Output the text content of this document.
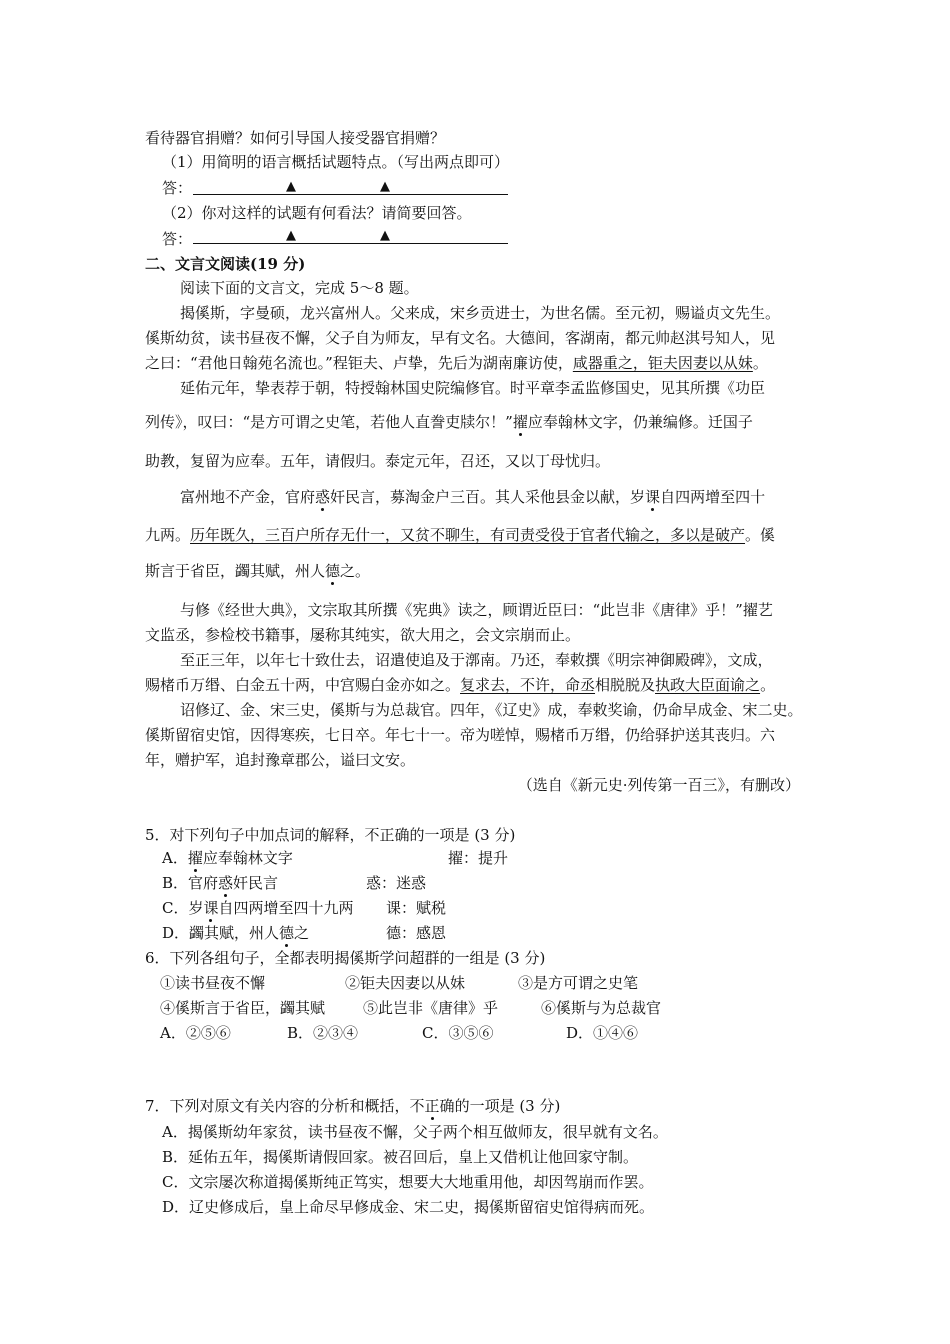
看待器官捐赠？如何引导国人接受器官捐赠？
（1）用简明的语言概括试题特点。（写出两点即可）
答：	▲	▲
（2）你对这样的试题有何看法？请简要回答。
答：	▲	▲
二、文言文阅读(19 分)
阅读下面的文言文，完成 5～8 题。
揭傒斯，字曼硕，龙兴富州人。父来成，宋乡贡进士，为世名儒。至元初，赐谥贞文先生。
傒斯幼贫，读书昼夜不懈，父子自为师友，早有文名。大德间，客湖南，都元帅赵淇号知人，见
之曰：“君他日翰苑名流也。”程钜夫、卢挚，先后为湖南廉访使，咸器重之，钜夫因妻以从妹。
延佑元年，挚表荐于朝，特授翰林国史院编修官。时平章李孟监修国史，见其所撰《功臣
列传》，叹曰：“是方可谓之史笔，若他人直誊吏牍尔！”擢应奉翰林文字，仍兼编修。迁国子
助教，复留为应奉。五年，请假归。泰定元年，召还，又以丁母忧归。
富州地不产金，官府惑奸民言，募淘金户三百。其人采他县金以献，岁课自四两增至四十
九两。历年既久，三百户所存无什一，又贫不聊生，有司责受役于官者代输之，多以是破产。傒
斯言于省臣，蠲其赋，州人德之。
与修《经世大典》，文宗取其所撰《宪典》读之，顾谓近臣曰：“此岂非《唐律》乎！”擢艺
文监丞，参检校书籍事，屡称其纯实，欲大用之，会文宗崩而止。
至正三年，以年七十致仕去，诏遣使追及于漷南。乃还，奉敕撰《明宗神御殿碑》，文成，
赐楮币万缗、白金五十两，中宫赐白金亦如之。复求去，不许，命丞相脱脱及执政大臣面谕之。
诏修辽、金、宋三史，傒斯与为总裁官。四年，《辽史》成，奉敕奖谕，仍命早成金、宋二史。
傒斯留宿史馆，因得寒疾，七日卒。年七十一。帝为嗟悼，赐楮币万缗，仍给驿护送其丧归。六
年，赠护军，追封豫章郡公，谥曰文安。
（选自《新元史·列传第一百三》，有删改）
5．对下列句子中加点词的解释，不正确的一项是 (3 分)
A．擢应奉翰林文字	擢：提升
B．官府惑奸民言	惑：迷惑
C．岁课自四两增至四十九两 课：赋税
D．蠲其赋，州人德之	德：感恩
6．下列各组句子，全都表明揭傒斯学问超群的一组是 (3 分)
①读书昼夜不懈	②钜夫因妻以从妹	③是方可谓之史笔
④傒斯言于省臣，蠲其赋	⑤此岂非《唐律》乎	⑥傒斯与为总裁官
A．②⑤⑥	B．②③④	C．③⑤⑥	D．①④⑥
7．下列对原文有关内容的分析和概括，不正确的一项是 (3 分)
A．揭傒斯幼年家贫，读书昼夜不懈，父子两个相互做师友，很早就有文名。
B．延佑五年，揭傒斯请假回家。被召回后，皇上又借机让他回家守制。
C．文宗屡次称道揭傒斯纯正笃实，想要大大地重用他，却因驾崩而作罢。
D．辽史修成后，皇上命尽早修成金、宋二史，揭傒斯留宿史馆得病而死。
